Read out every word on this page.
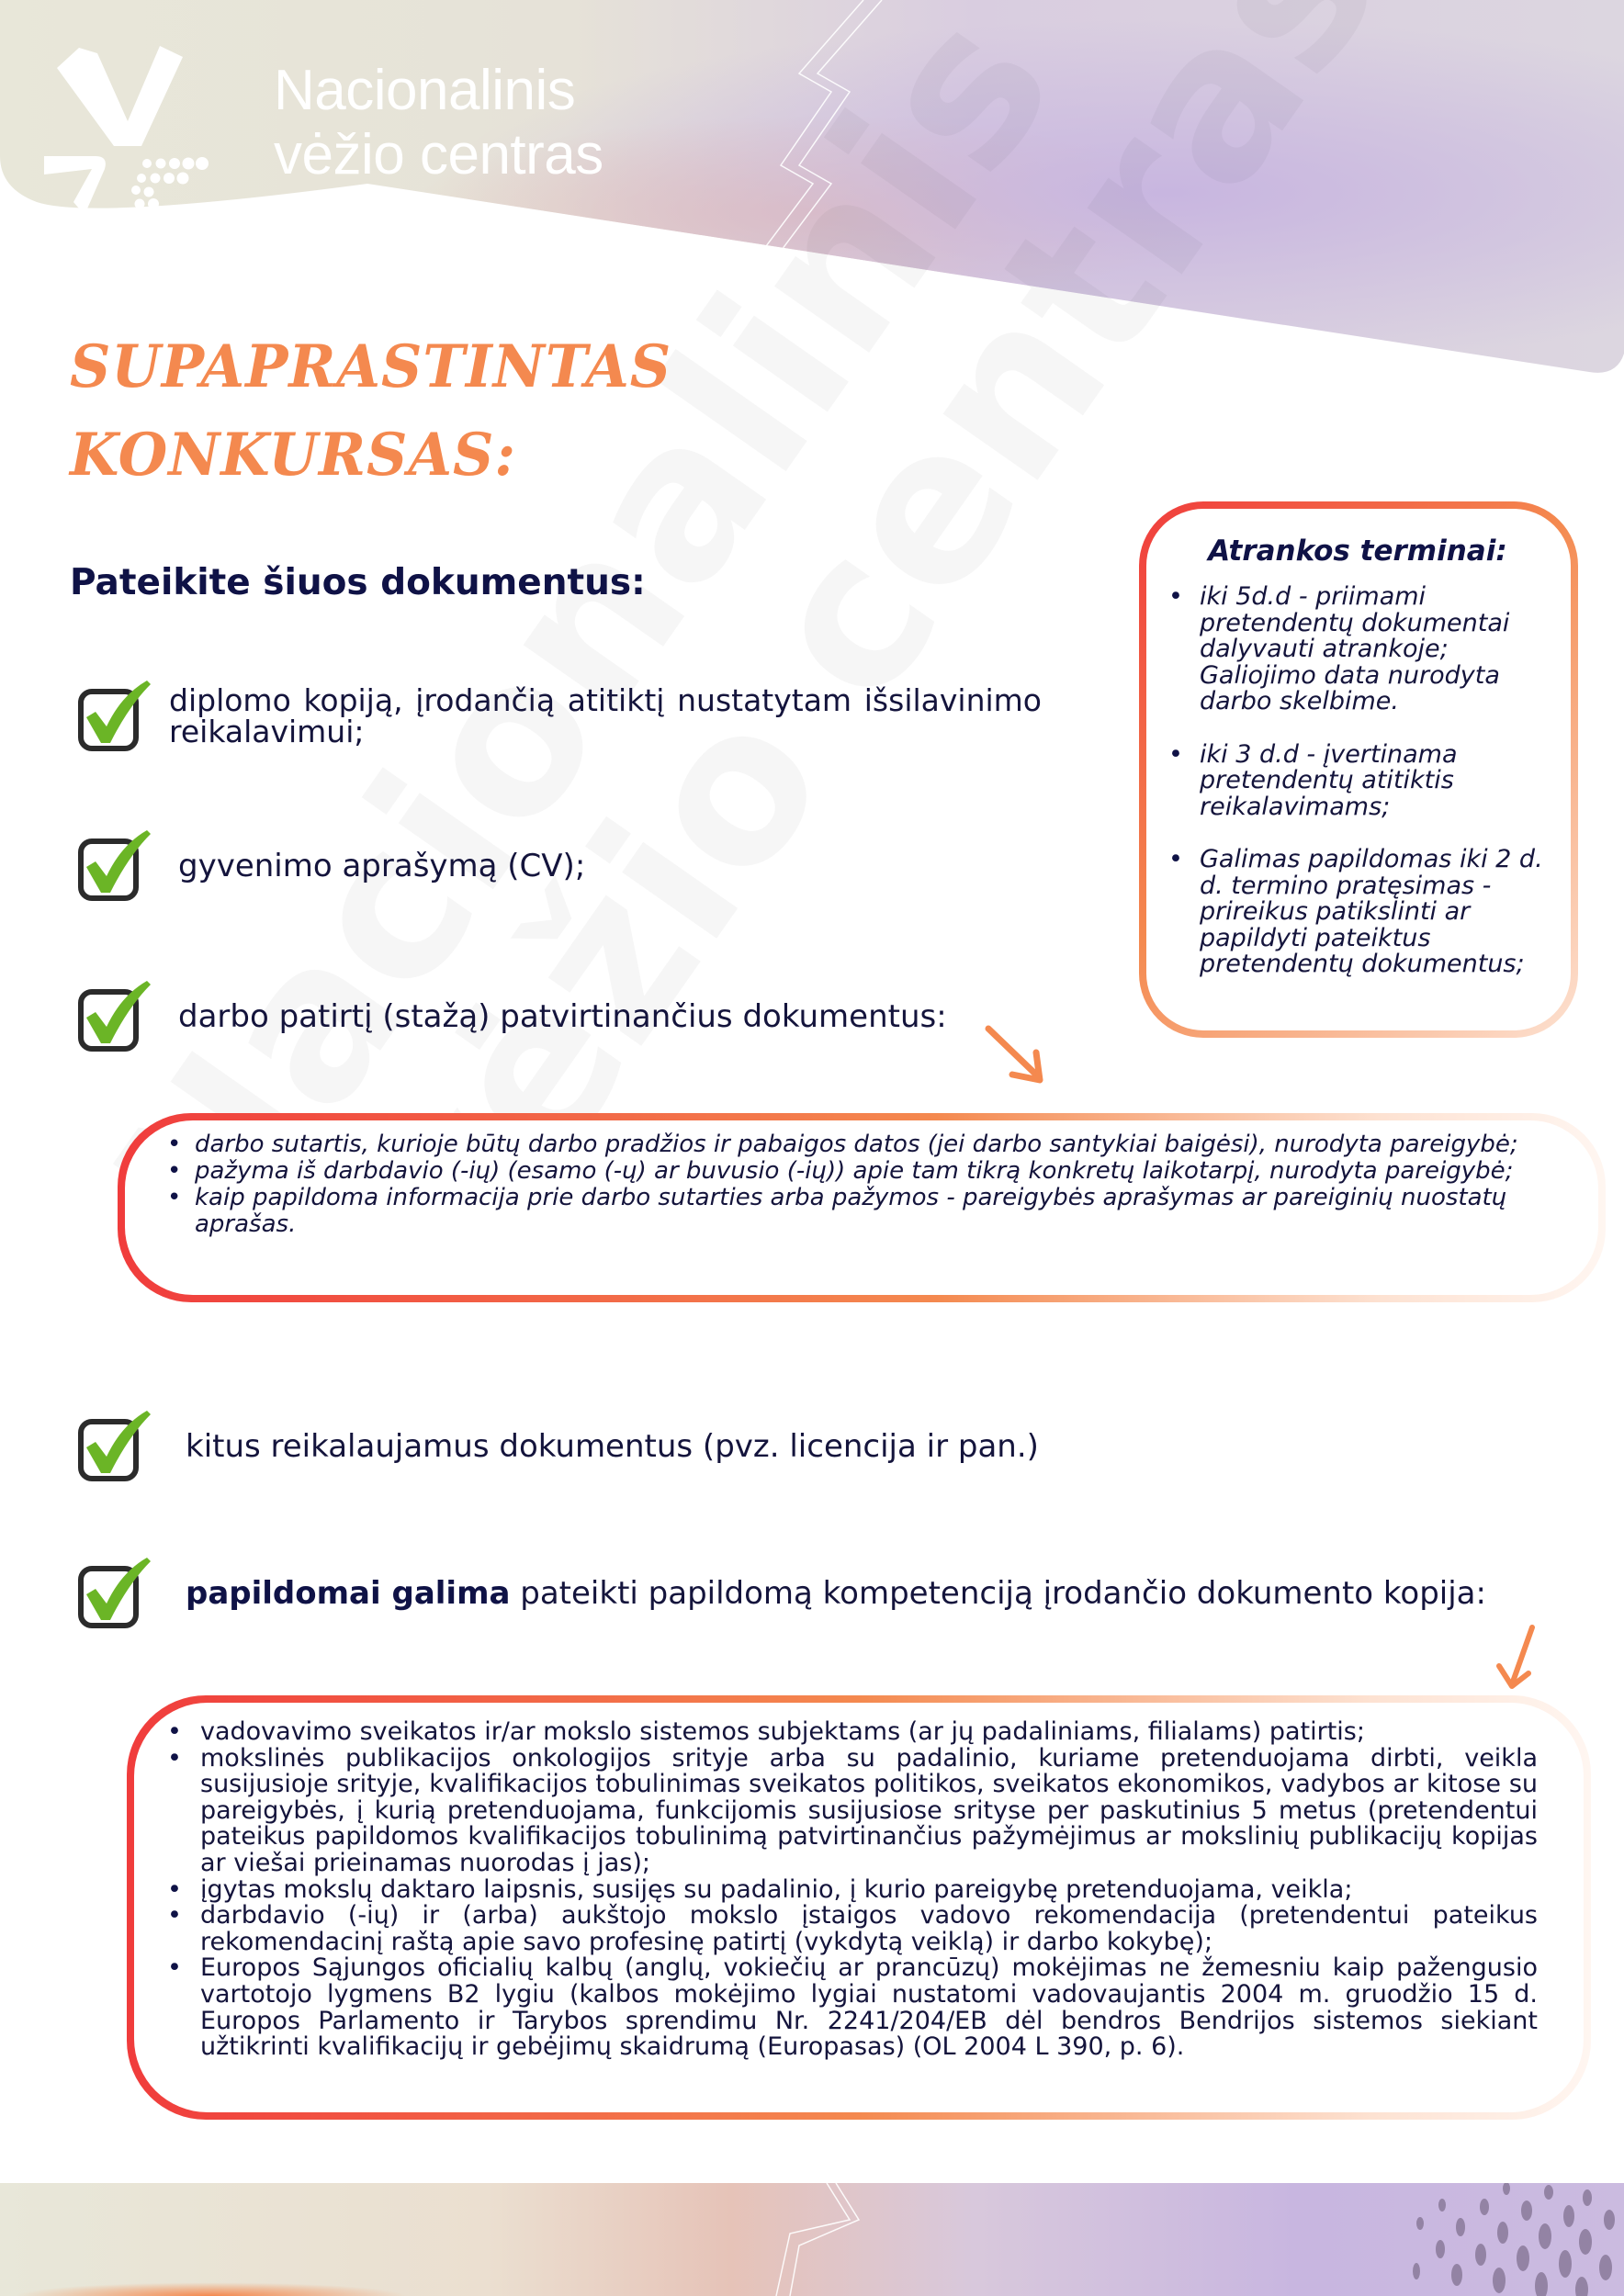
Nacionalinis
vėžio centras
SUPAPRASTINTAS
KONKURSAS:
Pateikite šiuos dokumentus:
diplomo kopiją, įrodančią atitiktį nustatytam išsilavinimo reikalavimui;
gyvenimo aprašymą (CV);
darbo patirtį (stažą) patvirtinančius dokumentus:
• darbo sutartis, kurioje būtų darbo pradžios ir pabaigos datos (jei darbo santykiai baigėsi), nurodyta pareigybė;
• pažyma iš darbdavio (-ių) (esamo (-ų) ar buvusio (-ių)) apie tam tikrą konkretų laikotarpį, nurodyta pareigybė;
• kaip papildoma informacija prie darbo sutarties arba pažymos - pareigybės aprašymas ar pareiginių nuostatų aprašas.
Atrankos terminai:
• iki 5d.d - priimami pretendentų dokumentai dalyvauti atrankoje; Galiojimo data nurodyta darbo skelbime.
• iki 3 d.d - įvertinama pretendentų atitiktis reikalavimams;
• Galimas papildomas iki 2 d. d. termino pratęsimas - prireikus patikslinti ar papildyti pateiktus pretendentų dokumentus;
kitus reikalaujamus dokumentus (pvz. licencija ir pan.)
papildomai galima pateikti papildomą kompetenciją įrodančio dokumento kopija:
• vadovavimo sveikatos ir/ar mokslo sistemos subjektams (ar jų padaliniams, filialams) patirtis;
• mokslinės publikacijos onkologijos srityje arba su padalinio, kuriame pretenduojama dirbti, veikla susijusioje srityje, kvalifikacijos tobulinimas sveikatos politikos, sveikatos ekonomikos, vadybos ar kitose su pareigybės, į kurią pretenduojama, funkcijomis susijusiose srityse per paskutinius 5 metus (pretendentui pateikus papildomos kvalifikacijos tobulinimą patvirtinančius pažymėjimus ar mokslinių publikacijų kopijas ar viešai prieinamas nuorodas į jas);
• įgytas mokslų daktaro laipsnis, susijęs su padalinio, į kurio pareigybę pretenduojama, veikla;
• darbdavio (-ių) ir (arba) aukštojo mokslo įstaigos vadovo rekomendacija (pretendentui pateikus rekomendacinį raštą apie savo profesinę patirtį (vykdytą veiklą) ir darbo kokybę);
• Europos Sąjungos oficialių kalbų (anglų, vokiečių ar prancūzų) mokėjimas ne žemesniu kaip pažengusio vartotojo lygmens B2 lygiu (kalbos mokėjimo lygiai nustatomi vadovaujantis 2004 m. gruodžio 15 d. Europos Parlamento ir Tarybos sprendimu Nr. 2241/204/EB dėl bendros Bendrijos sistemos siekiant užtikrinti kvalifikacijų ir gebėjimų skaidrumą (Europasas) (OL 2004 L 390, p. 6).
